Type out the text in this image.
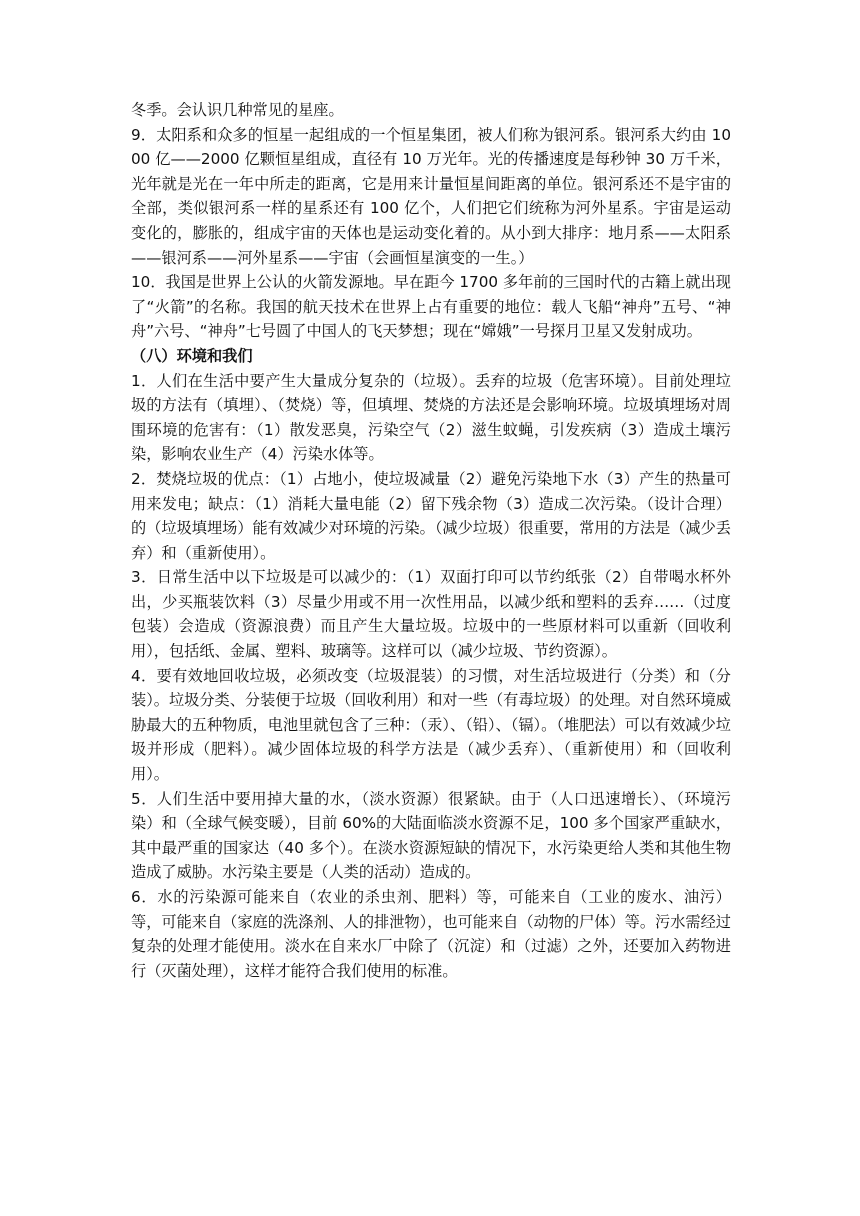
冬季。会认识几种常见的星座。

9．太阳系和众多的恒星一起组成的一个恒星集团，被人们称为银河系。银河系大约由 1000 亿——2000 亿颗恒星组成，直径有 10 万光年。光的传播速度是每秒钟 30 万千米，光年就是光在一年中所走的距离，它是用来计量恒星间距离的单位。银河系还不是宇宙的全部，类似银河系一样的星系还有 100 亿个，人们把它们统称为河外星系。宇宙是运动变化的，膨胀的，组成宇宙的天体也是运动变化着的。从小到大排序：地月系——太阳系——银河系——河外星系——宇宙（会画恒星演变的一生。）

10．我国是世界上公认的火箭发源地。早在距今 1700 多年前的三国时代的古籍上就出现了“火箭”的名称。我国的航天技术在世界上占有重要的地位：载人飞船“神舟”五号、“神舟”六号、“神舟”七号圆了中国人的飞天梦想；现在“嫦娥”一号探月卫星又发射成功。

（八）环境和我们

1．人们在生活中要产生大量成分复杂的（垃圾）。丢弃的垃圾（危害环境）。目前处理垃圾的方法有（填埋）、（焚烧）等，但填埋、焚烧的方法还是会影响环境。垃圾填埋场对周围环境的危害有：（1）散发恶臭，污染空气（2）滋生蚊蝇，引发疾病（3）造成土壤污染，影响农业生产（4）污染水体等。

2．焚烧垃圾的优点：（1）占地小，使垃圾减量（2）避免污染地下水（3）产生的热量可用来发电；缺点：（1）消耗大量电能（2）留下残余物（3）造成二次污染。（设计合理）的（垃圾填埋场）能有效减少对环境的污染。（减少垃圾）很重要，常用的方法是（减少丢弃）和（重新使用）。

3．日常生活中以下垃圾是可以减少的：（1）双面打印可以节约纸张（2）自带喝水杯外出，少买瓶装饮料（3）尽量少用或不用一次性用品，以减少纸和塑料的丢弃……（过度包装）会造成（资源浪费）而且产生大量垃圾。垃圾中的一些原材料可以重新（回收利用），包括纸、金属、塑料、玻璃等。这样可以（减少垃圾、节约资源）。

4．要有效地回收垃圾，必须改变（垃圾混装）的习惯，对生活垃圾进行（分类）和（分装）。垃圾分类、分装便于垃圾（回收利用）和对一些（有毒垃圾）的处理。对自然环境威胁最大的五种物质，电池里就包含了三种：（汞）、（铅）、（镉）。（堆肥法）可以有效减少垃圾并形成（肥料）。减少固体垃圾的科学方法是（减少丢弃）、（重新使用）和（回收利用）。

5．人们生活中要用掉大量的水，（淡水资源）很紧缺。由于（人口迅速增长）、（环境污染）和（全球气候变暖），目前 60%的大陆面临淡水资源不足，100 多个国家严重缺水，其中最严重的国家达（40 多个）。在淡水资源短缺的情况下，水污染更给人类和其他生物造成了威胁。水污染主要是（人类的活动）造成的。

6．水的污染源可能来自（农业的杀虫剂、肥料）等，可能来自（工业的废水、油污）等，可能来自（家庭的洗涤剂、人的排泄物），也可能来自（动物的尸体）等。污水需经过复杂的处理才能使用。淡水在自来水厂中除了（沉淀）和（过滤）之外，还要加入药物进行（灭菌处理），这样才能符合我们使用的标准。
